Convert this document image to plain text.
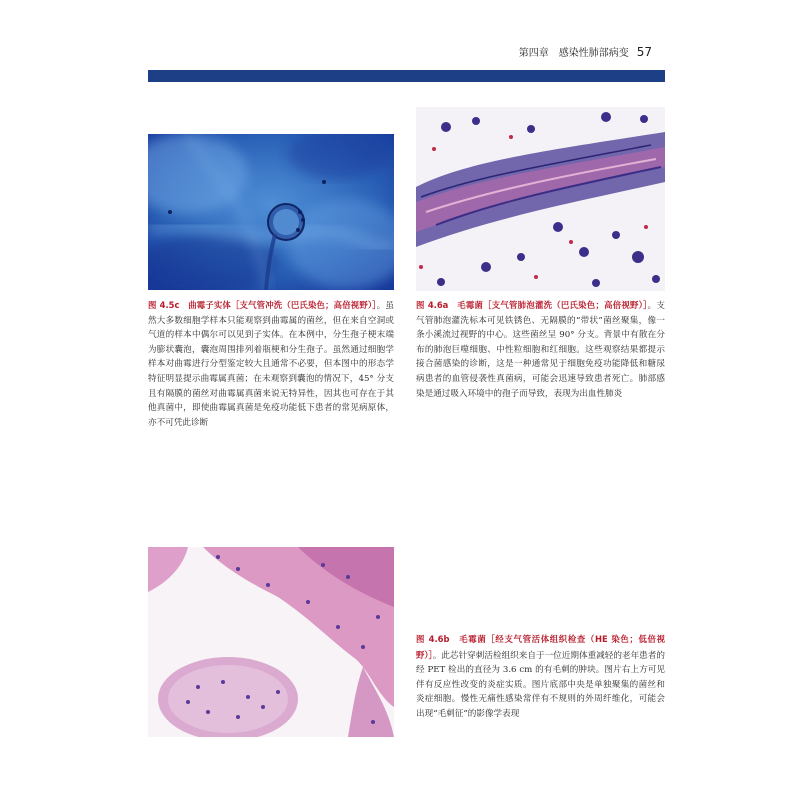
第四章　感染性肺部病变 57
图 4.5c　曲霉子实体［支气管冲洗（巴氏染色；高倍视野）］。虽然大多数细胞学样本只能观察到曲霉属的菌丝，但在来自空洞或气道的样本中偶尔可以见到子实体。在本例中，分生孢子梗末端为膨状囊泡，囊泡周围排列着瓶梗和分生孢子。虽然通过细胞学样本对曲霉进行分型鉴定较大且通常不必要，但本图中的形态学特征明显提示曲霉属真菌；在未观察到囊泡的情况下，45° 分支且有隔膜的菌丝对曲霉属真菌来说无特异性，因其也可存在于其他真菌中，即使曲霉属真菌是免疫功能低下患者的常见病原体，亦不可凭此诊断
图 4.6a　毛霉菌［支气管肺泡灌洗（巴氏染色；高倍视野）］。支气管肺泡灌洗标本可见铁锈色、无隔膜的“带状”菌丝聚集，像一条小溪流过视野的中心。这些菌丝呈 90° 分支。背景中有散在分布的肺泡巨噬细胞、中性粒细胞和红细胞。这些观察结果都提示接合菌感染的诊断，这是一种通常见于细胞免疫功能降低和糖尿病患者的血管侵袭性真菌病，可能会迅速导致患者死亡。肺部感染是通过吸入环境中的孢子而导致，表现为出血性肺炎
图 4.6b　毛霉菌［经支气管活体组织检查（HE 染色；低倍视野）］。此芯针穿刺活检组织来自于一位近期体重减轻的老年患者的经 PET 检出的直径为 3.6 cm 的有毛刺的肿块。图片右上方可见伴有反应性改变的炎症实质。图片底部中央是单独聚集的菌丝和炎症细胞。慢性无痛性感染常伴有不规则的外周纤维化，可能会出现“毛刺征”的影像学表现
